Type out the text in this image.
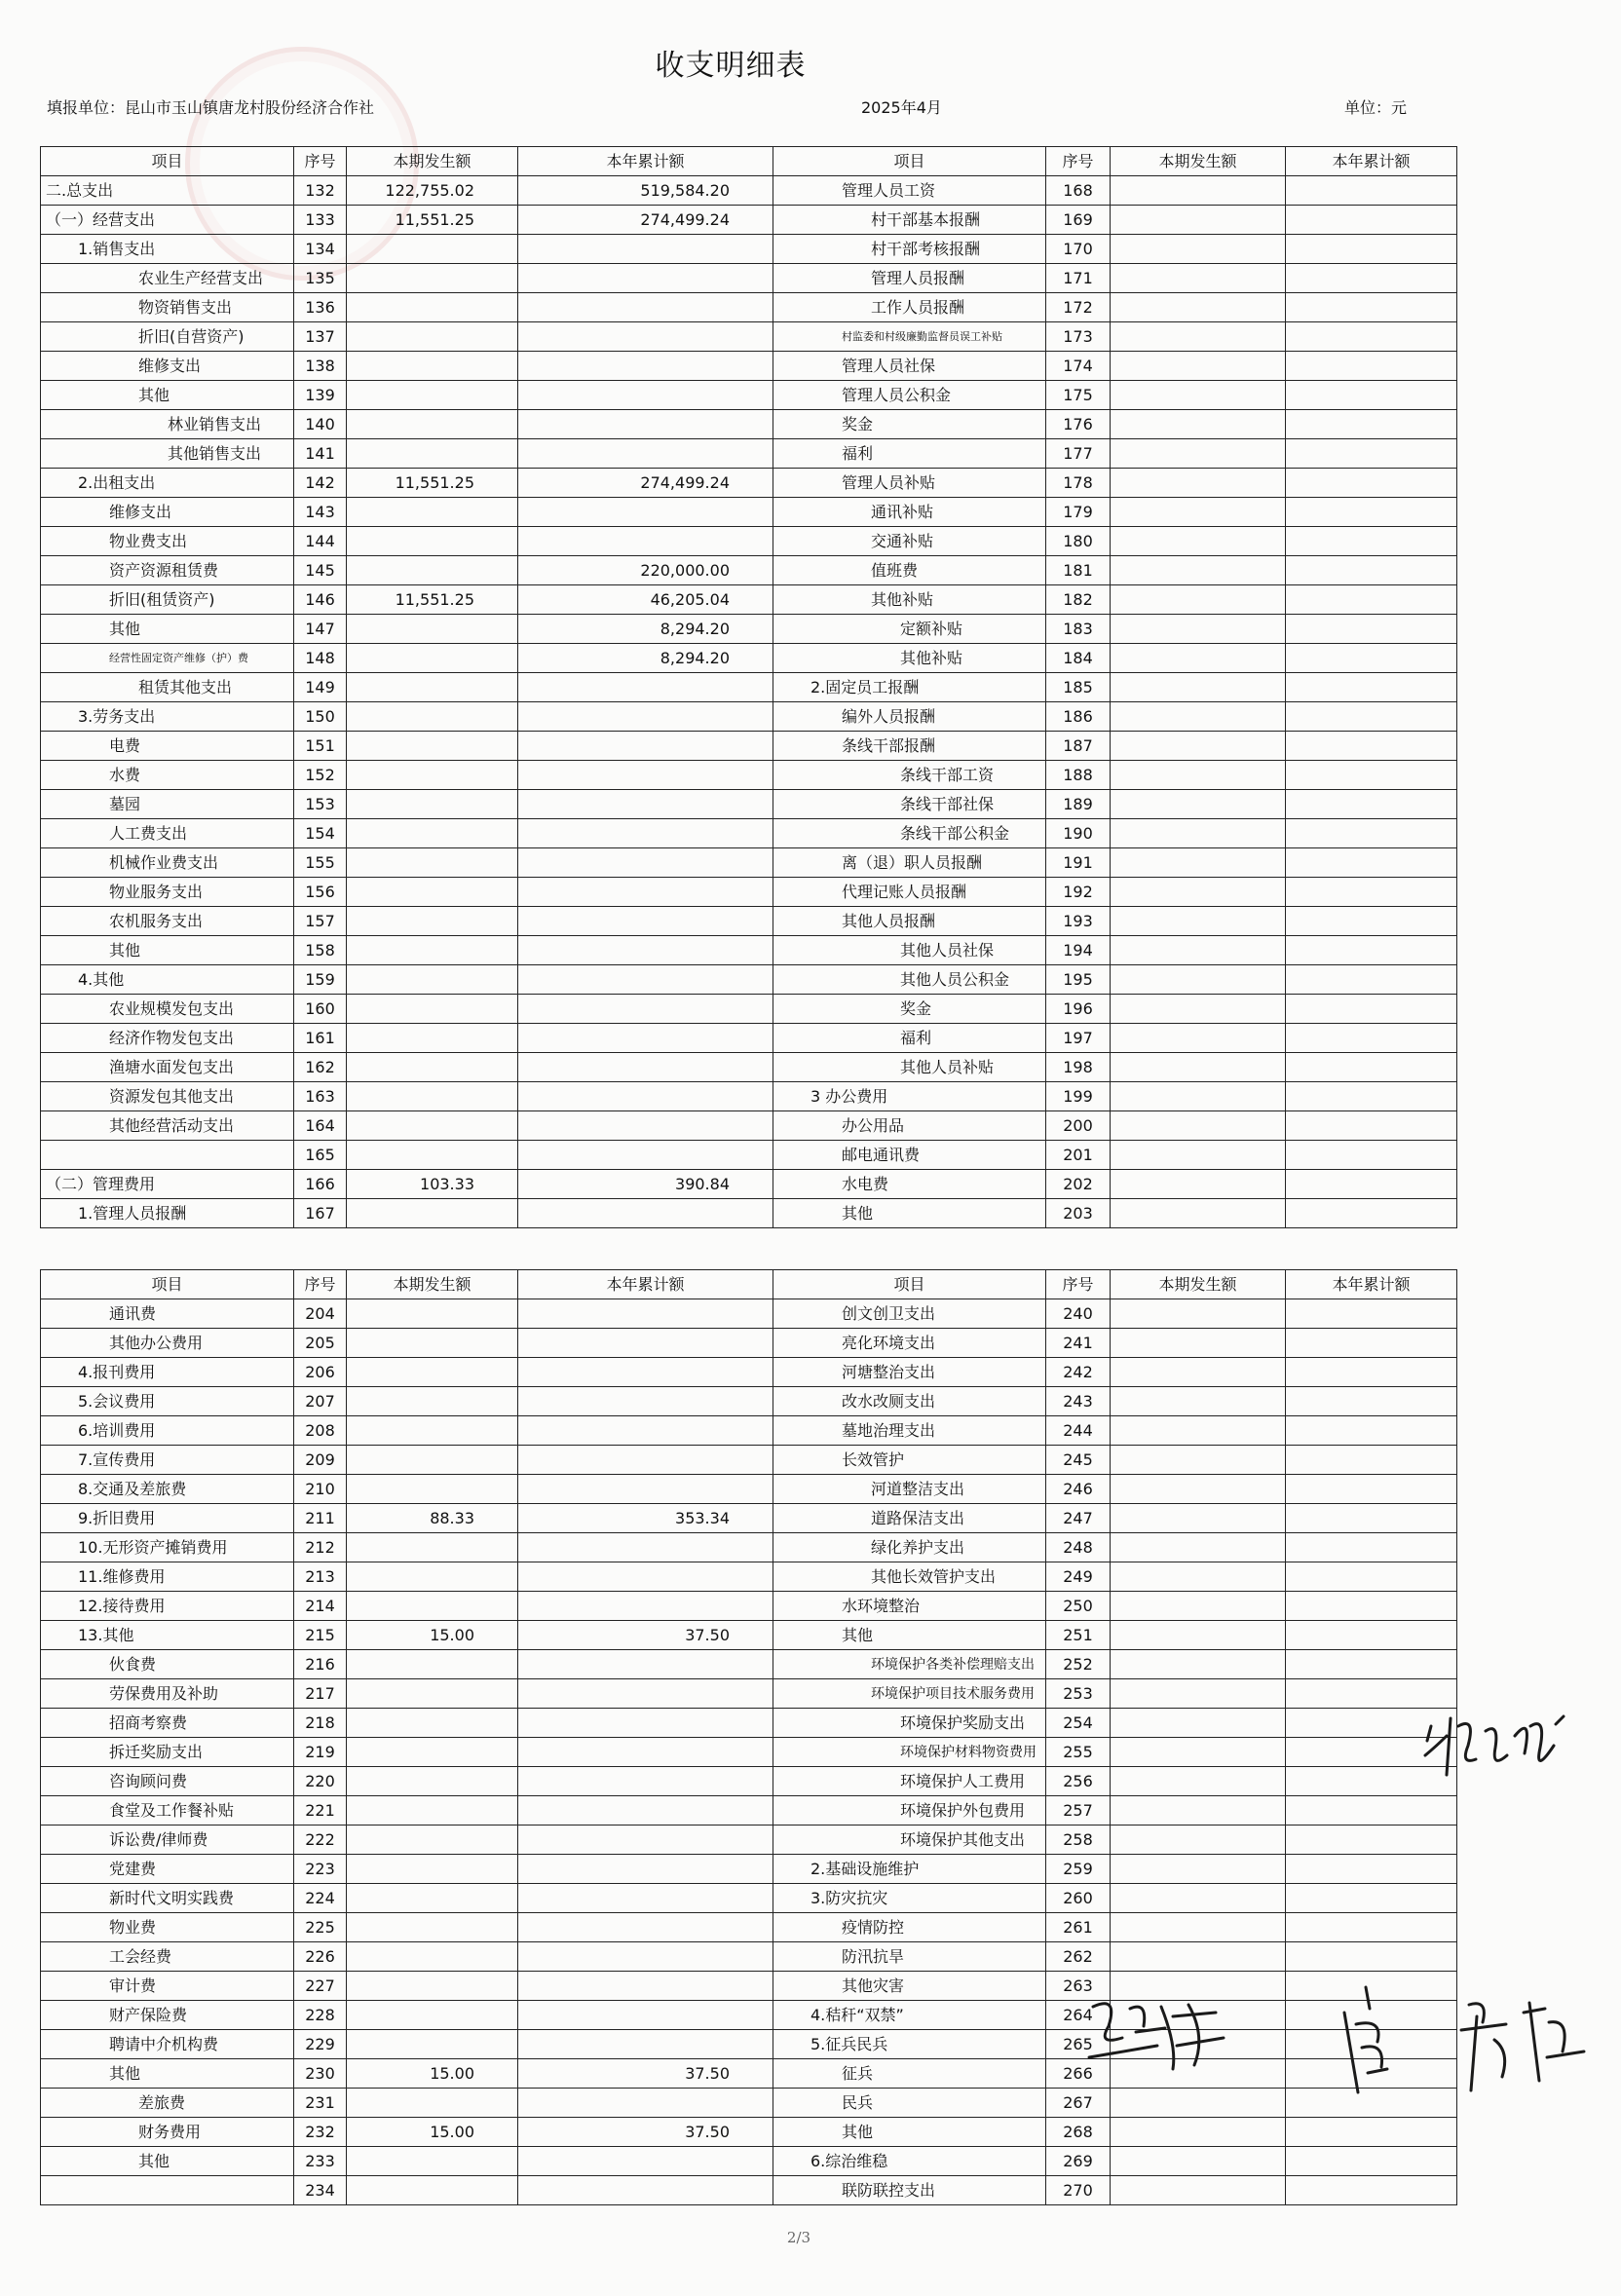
收支明细表
填报单位：昆山市玉山镇唐龙村股份经济合作社	2025年4月	单位：元
项目	序号	本期发生额	本年累计额	项目	序号	本期发生额	本年累计额
二.总支出	132	122,755.02	519,584.20	管理人员工资	168		
（一）经营支出	133	11,551.25	274,499.24	村干部基本报酬	169		
1.销售支出	134			村干部考核报酬	170		
农业生产经营支出	135			管理人员报酬	171		
物资销售支出	136			工作人员报酬	172		
折旧(自营资产)	137			村监委和村级廉勤监督员误工补贴	173		
维修支出	138			管理人员社保	174		
其他	139			管理人员公积金	175		
林业销售支出	140			奖金	176		
其他销售支出	141			福利	177		
2.出租支出	142	11,551.25	274,499.24	管理人员补贴	178		
维修支出	143			通讯补贴	179		
物业费支出	144			交通补贴	180		
资产资源租赁费	145		220,000.00	值班费	181		
折旧(租赁资产)	146	11,551.25	46,205.04	其他补贴	182		
其他	147		8,294.20	定额补贴	183		
经营性固定资产维修（护）费	148		8,294.20	其他补贴	184		
租赁其他支出	149			2.固定员工报酬	185		
3.劳务支出	150			编外人员报酬	186		
电费	151			条线干部报酬	187		
水费	152			条线干部工资	188		
墓园	153			条线干部社保	189		
人工费支出	154			条线干部公积金	190		
机械作业费支出	155			离（退）职人员报酬	191		
物业服务支出	156			代理记账人员报酬	192		
农机服务支出	157			其他人员报酬	193		
其他	158			其他人员社保	194		
4.其他	159			其他人员公积金	195		
农业规模发包支出	160			奖金	196		
经济作物发包支出	161			福利	197		
渔塘水面发包支出	162			其他人员补贴	198		
资源发包其他支出	163			3 办公费用	199		
其他经营活动支出	164			办公用品	200		
	165			邮电通讯费	201		
（二）管理费用	166	103.33	390.84	水电费	202		
1.管理人员报酬	167			其他	203		
项目	序号	本期发生额	本年累计额	项目	序号	本期发生额	本年累计额
通讯费	204			创文创卫支出	240		
其他办公费用	205			亮化环境支出	241		
4.报刊费用	206			河塘整治支出	242		
5.会议费用	207			改水改厕支出	243		
6.培训费用	208			墓地治理支出	244		
7.宣传费用	209			长效管护	245		
8.交通及差旅费	210			河道整洁支出	246		
9.折旧费用	211	88.33	353.34	道路保洁支出	247		
10.无形资产摊销费用	212			绿化养护支出	248		
11.维修费用	213			其他长效管护支出	249		
12.接待费用	214			水环境整治	250		
13.其他	215	15.00	37.50	其他	251		
伙食费	216			环境保护各类补偿理赔支出	252		
劳保费用及补助	217			环境保护项目技术服务费用	253		
招商考察费	218			环境保护奖励支出	254		
拆迁奖励支出	219			环境保护材料物资费用	255		
咨询顾问费	220			环境保护人工费用	256		
食堂及工作餐补贴	221			环境保护外包费用	257		
诉讼费/律师费	222			环境保护其他支出	258		
党建费	223			2.基础设施维护	259		
新时代文明实践费	224			3.防灾抗灾	260		
物业费	225			疫情防控	261		
工会经费	226			防汛抗旱	262		
审计费	227			其他灾害	263		
财产保险费	228			4.秸秆“双禁”	264		
聘请中介机构费	229			5.征兵民兵	265		
其他	230	15.00	37.50	征兵	266		
差旅费	231			民兵	267		
财务费用	232	15.00	37.50	其他	268		
其他	233			6.综治维稳	269		
	234			联防联控支出	270		
2/3
